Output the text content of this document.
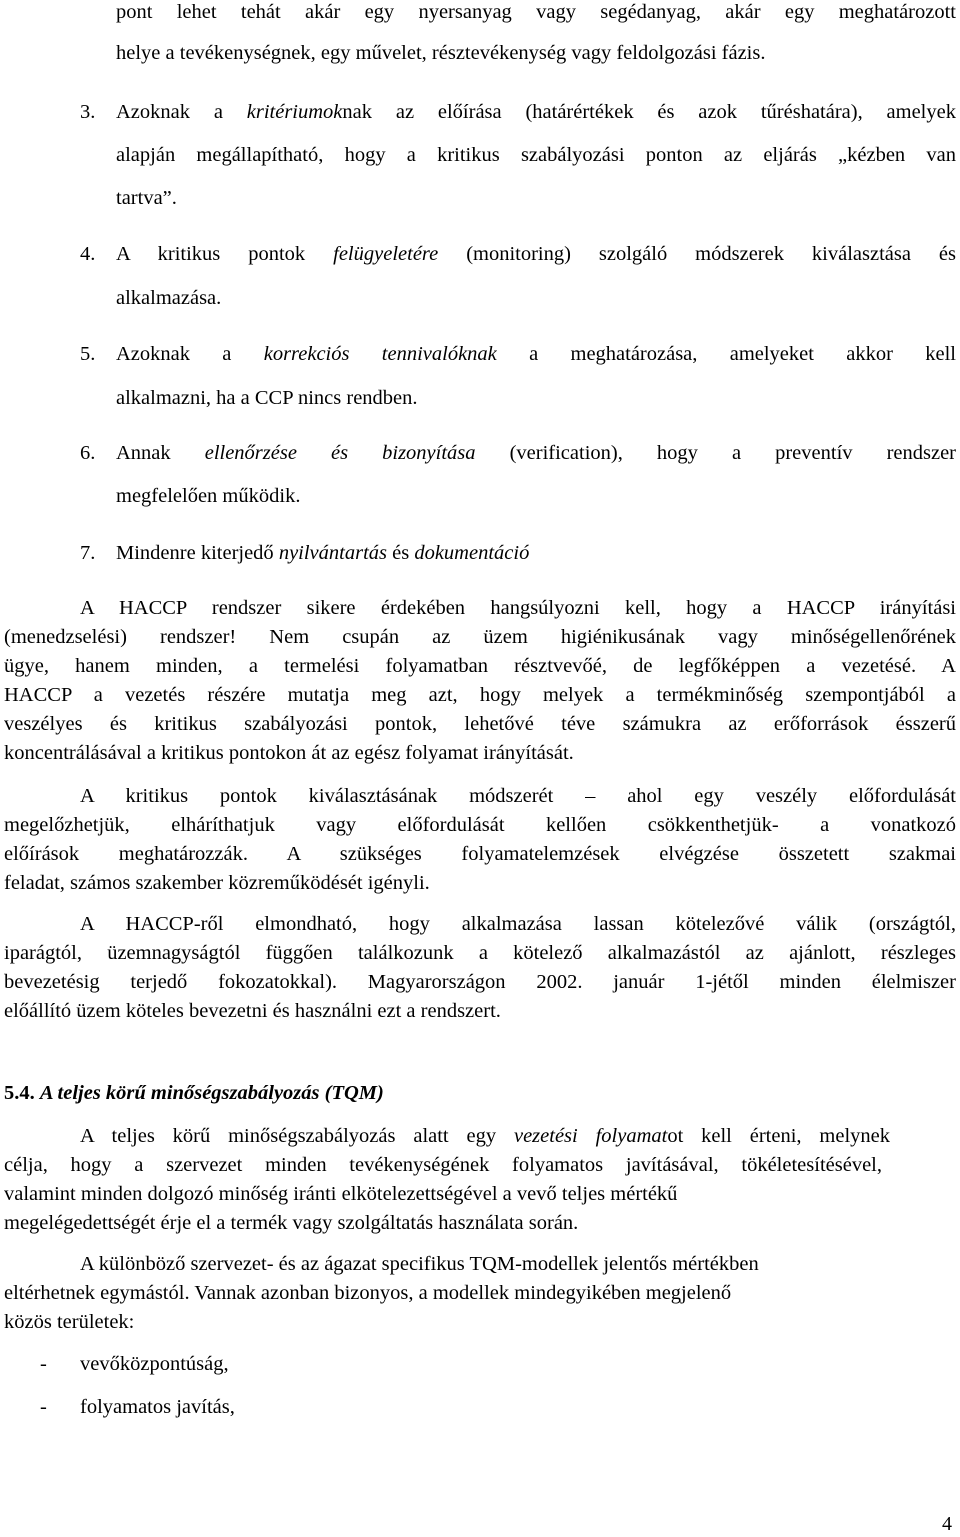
pont lehet tehát akár egy nyersanyag vagy segédanyag, akár egy meghatározott
helye a tevékenységnek, egy művelet, résztevékenység vagy feldolgozási fázis.
3. Azoknak a kritériumoknak az előírása (határértékek és azok tűréshatára), amelyek
alapján megállapítható, hogy a kritikus szabályozási ponton az eljárás „kézben van
tartva”.
4. A kritikus pontok felügyeletére (monitoring) szolgáló módszerek kiválasztása és
alkalmazása.
5. Azoknak a korrekciós tennivalóknak a meghatározása, amelyeket akkor kell
alkalmazni, ha a CCP nincs rendben.
6. Annak ellenőrzése és bizonyítása (verification), hogy a preventív rendszer
megfelelően működik.
7. Mindenre kiterjedő nyilvántartás és dokumentáció
A HACCP rendszer sikere érdekében hangsúlyozni kell, hogy a HACCP irányítási
(menedzselési) rendszer! Nem csupán az üzem higiénikusának vagy minőségellenőrének
ügye, hanem minden, a termelési folyamatban résztvevőé, de legfőképpen a vezetésé. A
HACCP a vezetés részére mutatja meg azt, hogy melyek a termékminőség szempontjából a
veszélyes és kritikus szabályozási pontok, lehetővé téve számukra az erőforrások ésszerű
koncentrálásával a kritikus pontokon át az egész folyamat irányítását.
A kritikus pontok kiválasztásának módszerét – ahol egy veszély előfordulását
megelőzhetjük, elháríthatjuk vagy előfordulását kellően csökkenthetjük- a vonatkozó
előírások meghatározzák. A szükséges folyamatelemzések elvégzése összetett szakmai
feladat, számos szakember közreműködését igényli.
A HACCP-ről elmondható, hogy alkalmazása lassan kötelezővé válik (országtól,
iparágtól, üzemnagyságtól függően találkozunk a kötelező alkalmazástól az ajánlott, részleges
bevezetésig terjedő fokozatokkal). Magyarországon 2002. január 1-jétől minden élelmiszer
előállító üzem köteles bevezetni és használni ezt a rendszert.
5.4. A teljes körű minőségszabályozás (TQM)
A teljes körű minőségszabályozás alatt egy vezetési folyamatot kell érteni, melynek
célja, hogy a szervezet minden tevékenységének folyamatos javításával, tökéletesítésével,
valamint minden dolgozó minőség iránti elkötelezettségével a vevő teljes mértékű
megelégedettségét érje el a termék vagy szolgáltatás használata során.
A különböző szervezet- és az ágazat specifikus TQM-modellek jelentős mértékben
eltérhetnek egymástól. Vannak azonban bizonyos, a modellek mindegyikében megjelenő
közös területek:
- vevőközpontúság,
- folyamatos javítás,
4
